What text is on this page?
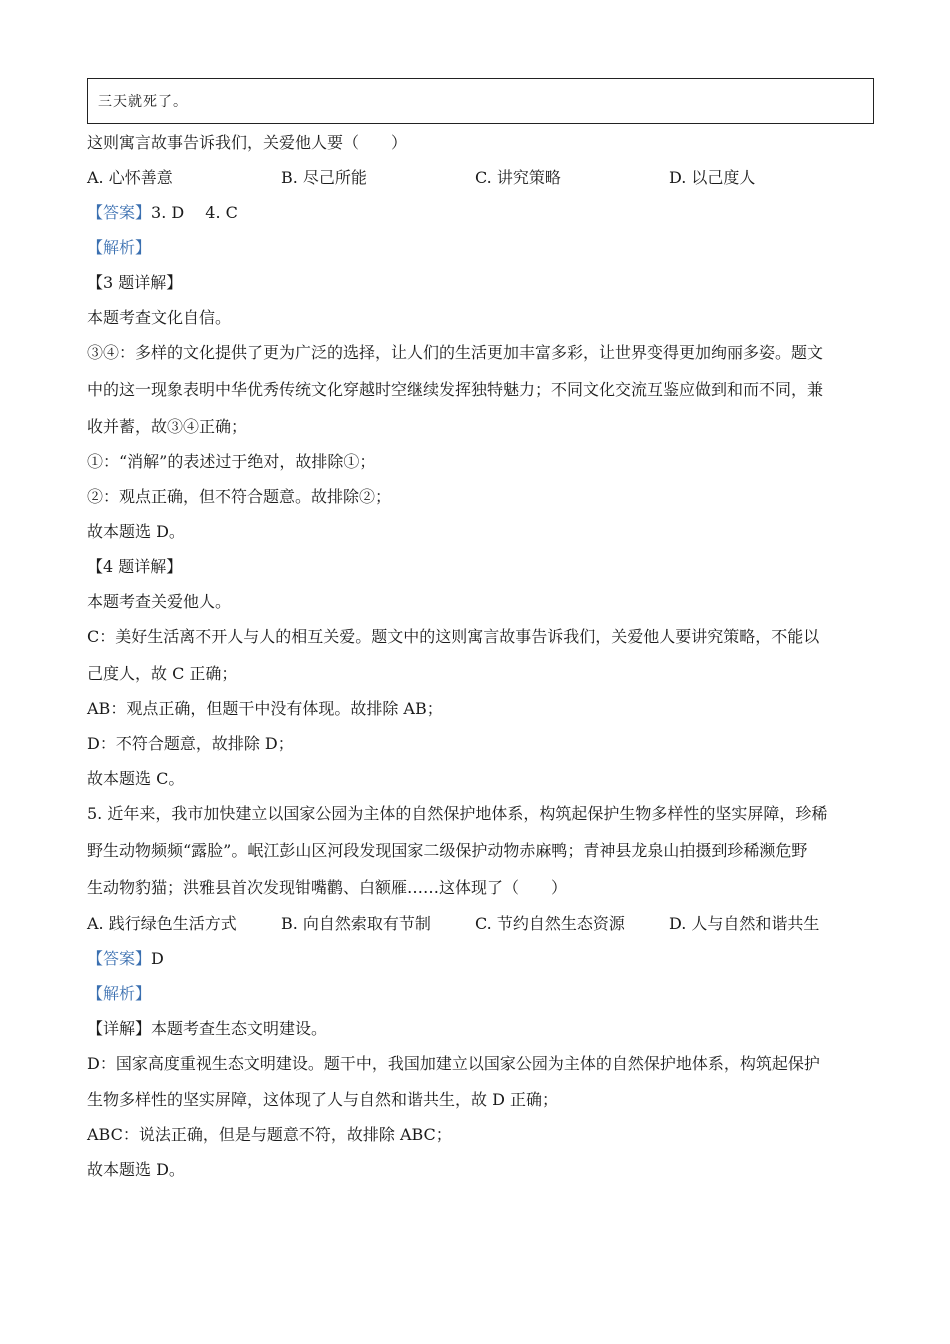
三天就死了。
这则寓言故事告诉我们，关爱他人要（　　）
A. 心怀善意	B. 尽己所能	C. 讲究策略	D. 以己度人
【答案】3. D　 4. C
【解析】
【3 题详解】
本题考查文化自信。
③④：多样的文化提供了更为广泛的选择，让人们的生活更加丰富多彩，让世界变得更加绚丽多姿。题文
中的这一现象表明中华优秀传统文化穿越时空继续发挥独特魅力；不同文化交流互鉴应做到和而不同，兼
收并蓄，故③④正确；
①：“消解”的表述过于绝对，故排除①；
②：观点正确，但不符合题意。故排除②；
故本题选 D。
【4 题详解】
本题考查关爱他人。
C：美好生活离不开人与人的相互关爱。题文中的这则寓言故事告诉我们，关爱他人要讲究策略，不能以
己度人，故 C 正确；
AB：观点正确，但题干中没有体现。故排除 AB；
D：不符合题意，故排除 D；
故本题选 C。
5. 近年来，我市加快建立以国家公园为主体的自然保护地体系，构筑起保护生物多样性的坚实屏障，珍稀
野生动物频频“露脸”。岷江彭山区河段发现国家二级保护动物赤麻鸭；青神县龙泉山拍摄到珍稀濒危野
生动物豹猫；洪雅县首次发现钳嘴鹳、白额雁……这体现了（　　）
A. 践行绿色生活方式	B. 向自然索取有节制	C. 节约自然生态资源	D. 人与自然和谐共生
【答案】D
【解析】
【详解】本题考查生态文明建设。
D：国家高度重视生态文明建设。题干中，我国加建立以国家公园为主体的自然保护地体系，构筑起保护
生物多样性的坚实屏障，这体现了人与自然和谐共生，故 D 正确；
ABC：说法正确，但是与题意不符，故排除 ABC；
故本题选 D。
